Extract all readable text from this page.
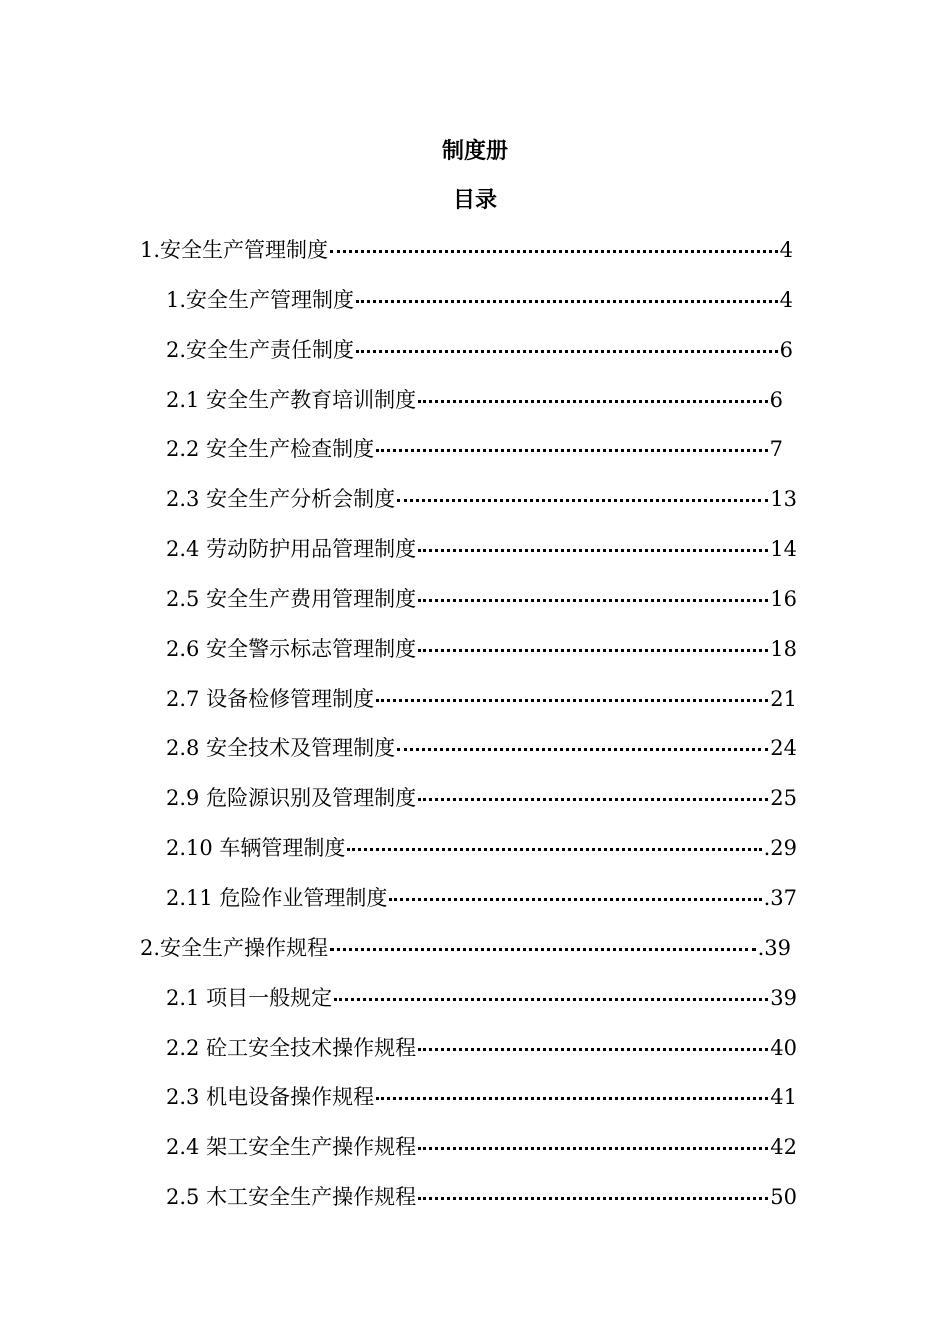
制度册
目录
1.安全生产管理制度	4
1.安全生产管理制度	4
2.安全生产责任制度	6
2.1 安全生产教育培训制度	6
2.2 安全生产检查制度	7
2.3 安全生产分析会制度	13
2.4 劳动防护用品管理制度	14
2.5 安全生产费用管理制度	16
2.6 安全警示标志管理制度	18
2.7 设备检修管理制度	21
2.8 安全技术及管理制度	24
2.9 危险源识别及管理制度	25
2.10 车辆管理制度	.29
2.11 危险作业管理制度	.37
2.安全生产操作规程	.39
2.1 项目一般规定	39
2.2 砼工安全技术操作规程	40
2.3 机电设备操作规程	41
2.4 架工安全生产操作规程	42
2.5 木工安全生产操作规程	50
